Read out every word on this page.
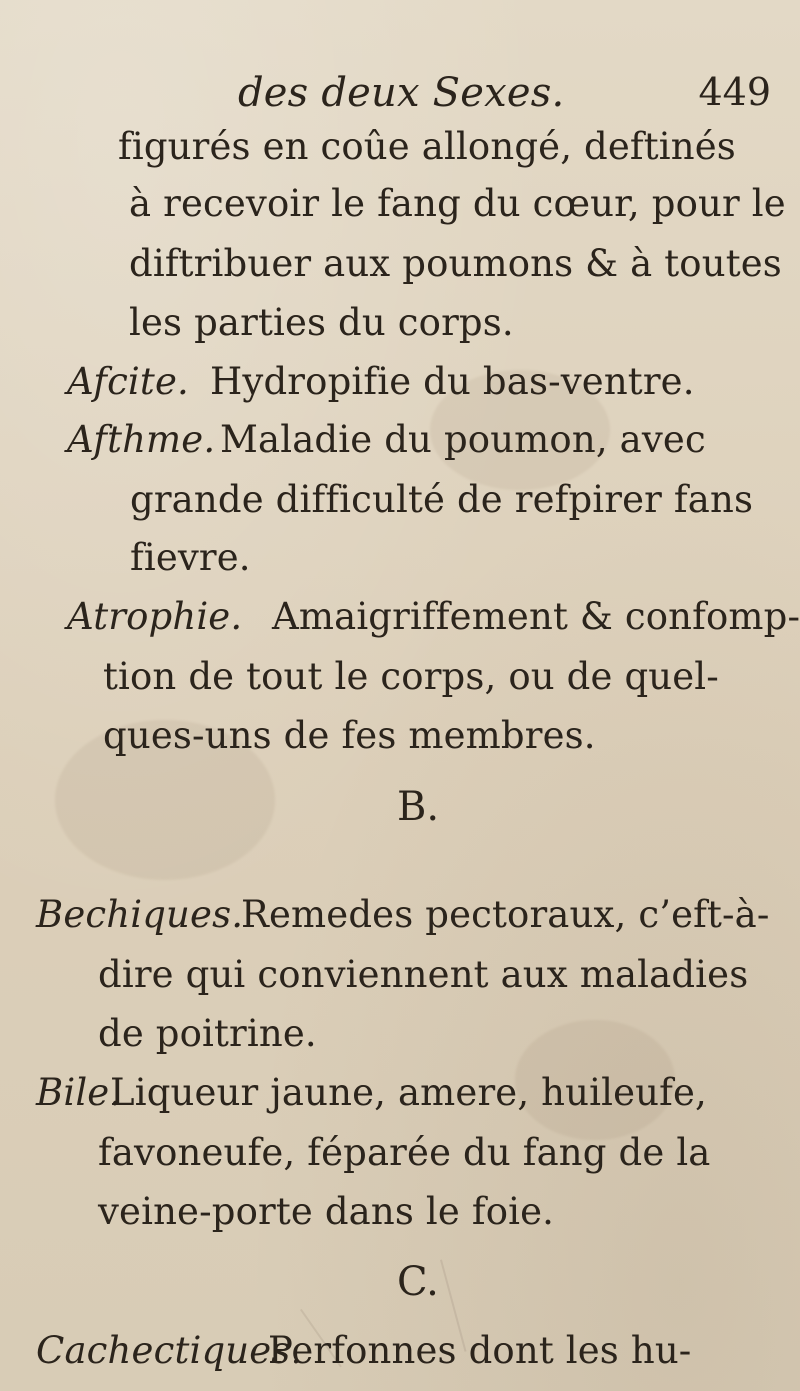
des deux Sexes.	449
figurés en coûe allongé, deftinés
à recevoir le fang du cœur, pour le
diftribuer aux poumons & à toutes
les parties du corps.
Afcite. Hydropifie du bas-ventre.
Afthme. Maladie du poumon, avec
grande difficulté de refpirer fans
fievre.
Atrophie. Amaigriffement & confomp-
tion de tout le corps, ou de quel-
ques-uns de fes membres.
B.
Bechiques.
Remedes pectoraux, c’eft-à-
dire qui conviennent aux maladies
de poitrine.
Bile.
Liqueur jaune, amere, huileufe,
favoneufe, féparée du fang de la
veine-porte dans le foie.
C.
Cachectiques.
Perfonnes dont les hu-
